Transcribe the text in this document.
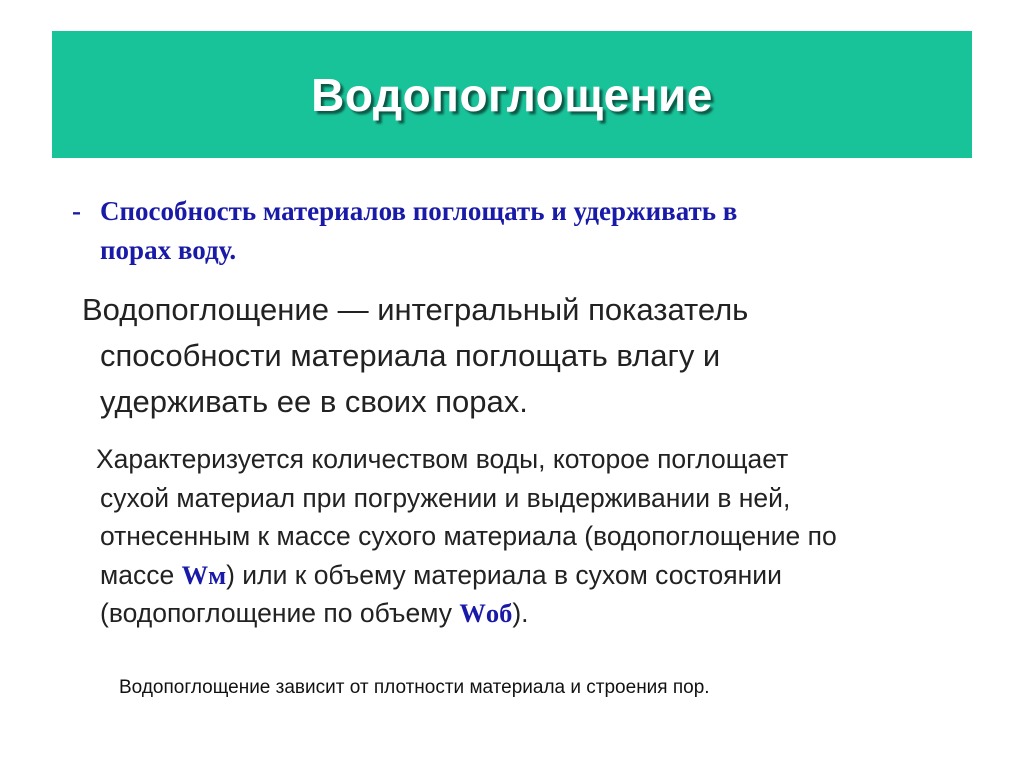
Водопоглощение
- Способность материалов поглощать и удерживать в
порах воду.
Водопоглощение — интегральный показатель
способности материала поглощать влагу и
удерживать ее в своих порах.
Характеризуется количеством воды, которое поглощает
сухой материал при погружении и выдерживании в ней,
отнесенным к массе сухого материала (водопоглощение по
массе Wм) или к объему материала в сухом состоянии
(водопоглощение по объему Wоб).
Водопоглощение зависит от плотности материала и строения пор.
